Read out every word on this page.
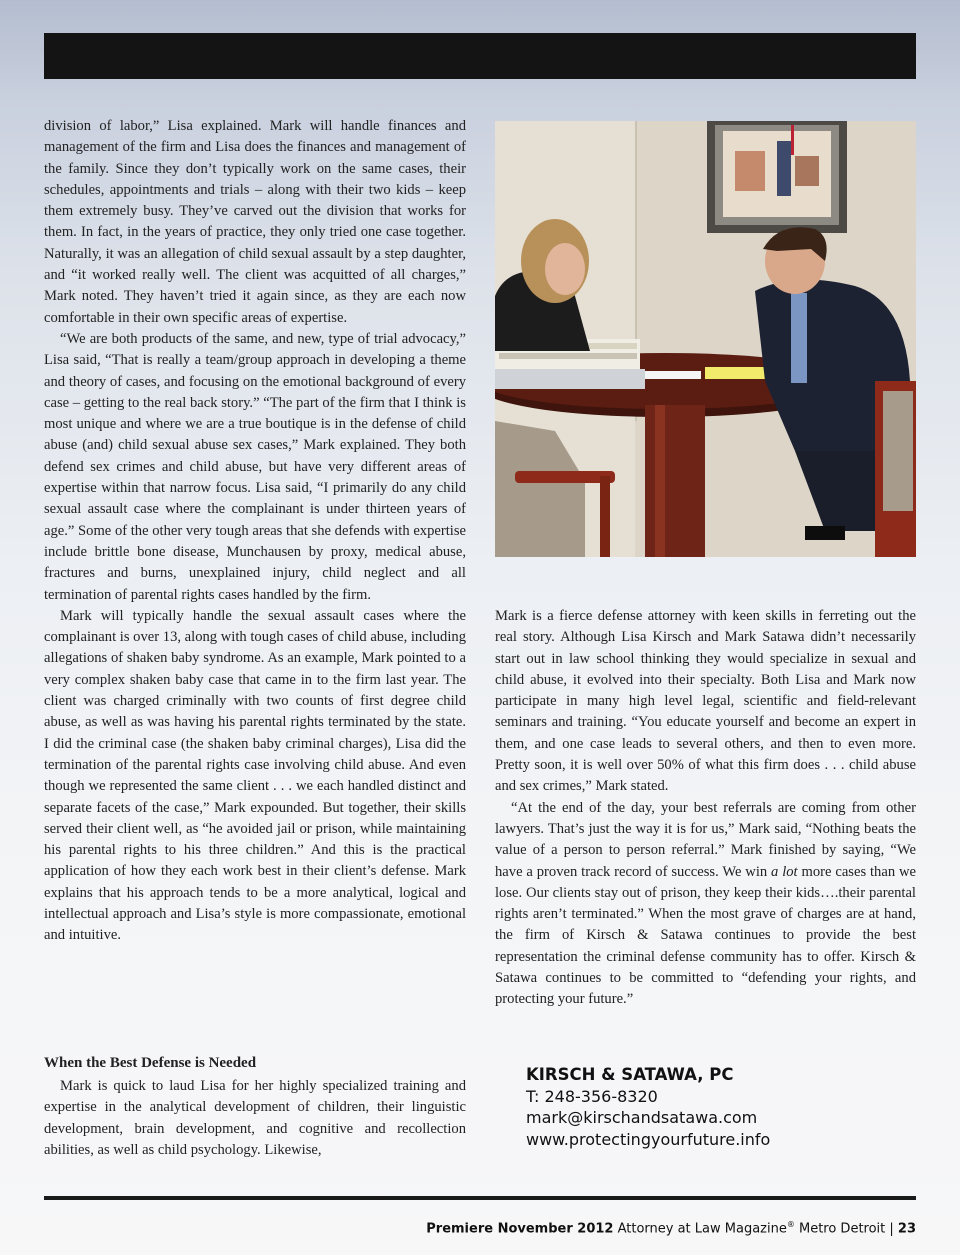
division of labor,” Lisa explained. Mark will handle finances and management of the firm and Lisa does the finances and management of the family. Since they don’t typically work on the same cases, their schedules, appointments and trials – along with their two kids – keep them extremely busy. They’ve carved out the division that works for them. In fact, in the years of practice, they only tried one case together. Naturally, it was an allegation of child sexual assault by a step daughter, and “it worked really well. The client was acquitted of all charges,” Mark noted. They haven’t tried it again since, as they are each now comfortable in their own specific areas of expertise.

“We are both products of the same, and new, type of trial advocacy,” Lisa said, “That is really a team/group approach in developing a theme and theory of cases, and focusing on the emotional background of every case – getting to the real back story.” “The part of the firm that I think is most unique and where we are a true boutique is in the defense of child abuse (and) child sexual abuse sex cases,” Mark explained. They both defend sex crimes and child abuse, but have very different areas of expertise within that narrow focus. Lisa said, “I primarily do any child sexual assault case where the complainant is under thirteen years of age.” Some of the other very tough areas that she defends with expertise include brittle bone disease, Munchausen by proxy, medical abuse, fractures and burns, unexplained injury, child neglect and all termination of parental rights cases handled by the firm.

Mark will typically handle the sexual assault cases where the complainant is over 13, along with tough cases of child abuse, including allegations of shaken baby syndrome. As an example, Mark pointed to a very complex shaken baby case that came in to the firm last year. The client was charged criminally with two counts of first degree child abuse, as well as was having his parental rights terminated by the state. I did the criminal case (the shaken baby criminal charges), Lisa did the termination of the parental rights case involving child abuse. And even though we represented the same client . . . we each handled distinct and separate facets of the case,” Mark expounded. But together, their skills served their client well, as “he avoided jail or prison, while maintaining his parental rights to his three children.” And this is the practical application of how they each work best in their client’s defense. Mark explains that his approach tends to be a more analytical, logical and intellectual approach and Lisa’s style is more compassionate, emotional and intuitive.

When the Best Defense is Needed

Mark is quick to laud Lisa for her highly specialized training and expertise in the analytical development of children, their linguistic development, brain development, and cognitive and recollection abilities, as well as child psychology. Likewise,

Mark is a fierce defense attorney with keen skills in ferreting out the real story. Although Lisa Kirsch and Mark Satawa didn’t necessarily start out in law school thinking they would specialize in sexual and child abuse, it evolved into their specialty. Both Lisa and Mark now participate in many high level legal, scientific and field-relevant seminars and training. “You educate yourself and become an expert in them, and one case leads to several others, and then to even more. Pretty soon, it is well over 50% of what this firm does . . . child abuse and sex crimes,” Mark stated.

“At the end of the day, your best referrals are coming from other lawyers. That’s just the way it is for us,” Mark said, “Nothing beats the value of a person to person referral.” Mark finished by saying, “We have a proven track record of success. We win a lot more cases than we lose. Our clients stay out of prison, they keep their kids….their parental rights aren’t terminated.” When the most grave of charges are at hand, the firm of Kirsch & Satawa continues to provide the best representation the criminal defense community has to offer. Kirsch & Satawa continues to be committed to “defending your rights, and protecting your future.”

KIRSCH & SATAWA, PC
T: 248-356-8320
mark@kirschandsatawa.com
www.protectingyourfuture.info
Premiere November 2012 Attorney at Law Magazine® Metro Detroit | 23
